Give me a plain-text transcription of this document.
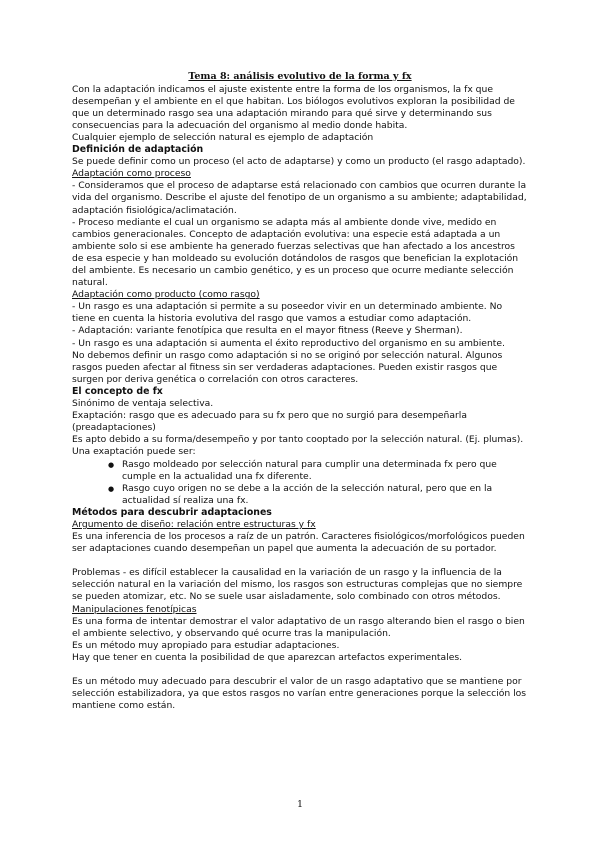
Tema 8: análisis evolutivo de la forma y fx

Con la adaptación indicamos el ajuste existente entre la forma de los organismos, la fx que desempeñan y el ambiente en el que habitan. Los biólogos evolutivos exploran la posibilidad de que un determinado rasgo sea una adaptación mirando para qué sirve y determinando sus consecuencias para la adecuación del organismo al medio donde habita.

Cualquier ejemplo de selección natural es ejemplo de adaptación

Definición de adaptación

Se puede definir como un proceso (el acto de adaptarse) y como un producto (el rasgo adaptado).

Adaptación como proceso

- Consideramos que el proceso de adaptarse está relacionado con cambios que ocurren durante la vida del organismo. Describe el ajuste del fenotipo de un organismo a su ambiente; adaptabilidad, adaptación fisiológica/aclimatación.

- Proceso mediante el cual un organismo se adapta más al ambiente donde vive, medido en cambios generacionales. Concepto de adaptación evolutiva: una especie está adaptada a un ambiente solo si ese ambiente ha generado fuerzas selectivas que han afectado a los ancestros de esa especie y han moldeado su evolución dotándolos de rasgos que benefician la explotación del ambiente. Es necesario un cambio genético, y es un proceso que ocurre mediante selección natural.

Adaptación como producto (como rasgo)

- Un rasgo es una adaptación si permite a su poseedor vivir en un determinado ambiente. No tiene en cuenta la historia evolutiva del rasgo que vamos a estudiar como adaptación.

- Adaptación: variante fenotípica que resulta en el mayor fitness (Reeve y Sherman).

- Un rasgo es una adaptación si aumenta el éxito reproductivo del organismo en su ambiente.

No debemos definir un rasgo como adaptación si no se originó por selección natural. Algunos rasgos pueden afectar al fitness sin ser verdaderas adaptaciones. Pueden existir rasgos que surgen por deriva genética o correlación con otros caracteres.

El concepto de fx

Sinónimo de ventaja selectiva.

Exaptación: rasgo que es adecuado para su fx pero que no surgió para desempeñarla (preadaptaciones)

Es apto debido a su forma/desempeño y por tanto cooptado por la selección natural. (Ej. plumas).

Una exaptación puede ser:

● Rasgo moldeado por selección natural para cumplir una determinada fx pero que cumple en la actualidad una fx diferente.
● Rasgo cuyo origen no se debe a la acción de la selección natural, pero que en la actualidad sí realiza una fx.

Métodos para descubrir adaptaciones

Argumento de diseño: relación entre estructuras y fx

Es una inferencia de los procesos a raíz de un patrón. Caracteres fisiológicos/morfológicos pueden ser adaptaciones cuando desempeñan un papel que aumenta la adecuación de su portador.

Problemas - es difícil establecer la causalidad en la variación de un rasgo y la influencia de la selección natural en la variación del mismo, los rasgos son estructuras complejas que no siempre se pueden atomizar, etc. No se suele usar aisladamente, solo combinado con otros métodos.

Manipulaciones fenotípicas

Es una forma de intentar demostrar el valor adaptativo de un rasgo alterando bien el rasgo o bien el ambiente selectivo, y observando qué ocurre tras la manipulación.

Es un método muy apropiado para estudiar adaptaciones.

Hay que tener en cuenta la posibilidad de que aparezcan artefactos experimentales.

Es un método muy adecuado para descubrir el valor de un rasgo adaptativo que se mantiene por selección estabilizadora, ya que estos rasgos no varían entre generaciones porque la selección los mantiene como están.

1
